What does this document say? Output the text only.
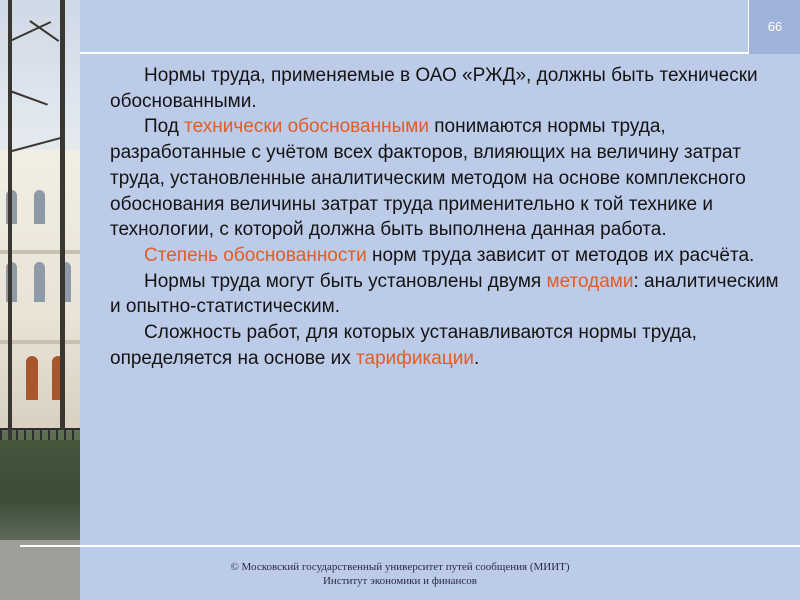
66

Нормы труда, применяемые в ОАО «РЖД», должны быть технически обоснованными.

Под технически обоснованными понимаются нормы труда, разработанные с учётом всех факторов, влияющих на величину затрат труда, установленные аналитическим методом на основе комплексного обоснования величины затрат труда применительно к той технике и технологии, с которой должна быть выполнена данная работа.

Степень обоснованности норм труда зависит от методов их расчёта.

Нормы труда могут быть установлены двумя методами: аналитическим и опытно-статистическим.

Сложность работ, для которых устанавливаются нормы труда, определяется на основе их тарификации.

© Московский государственный университет путей сообщения (МИИТ)
Институт экономики и финансов
